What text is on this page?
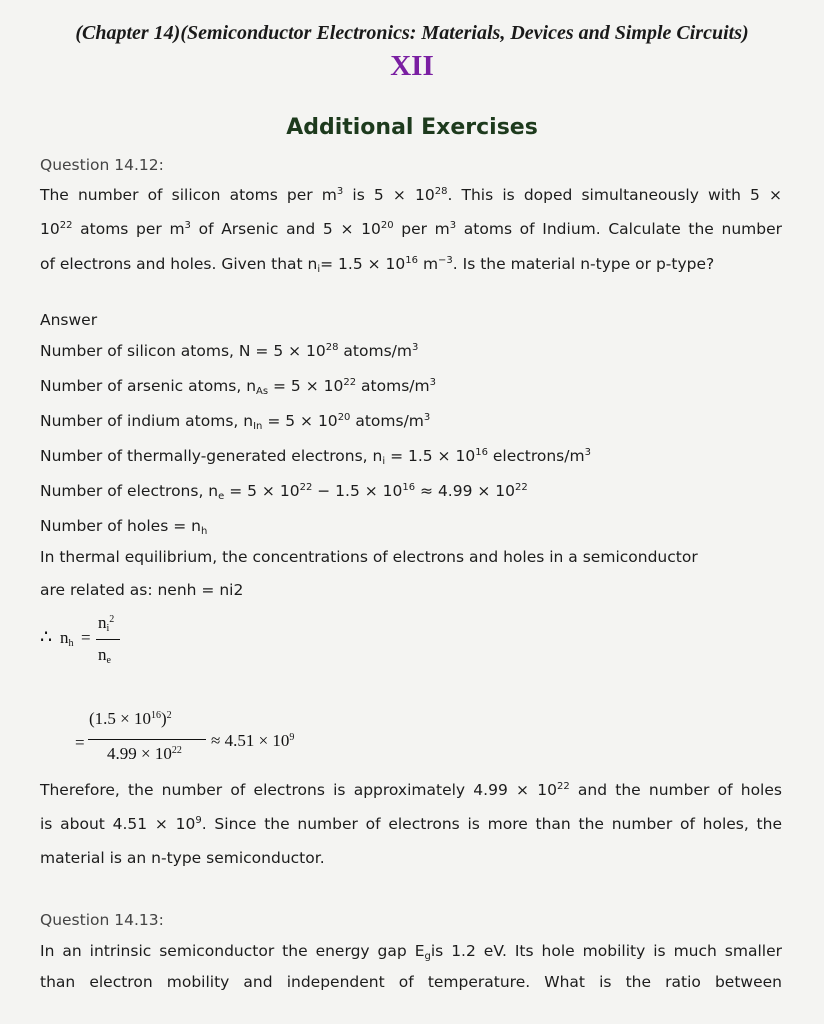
(Chapter 14)(Semiconductor Electronics: Materials, Devices and Simple Circuits)
XII
Additional Exercises
Question 14.12:
The number of silicon atoms per $m^3$ is $5 \times 10^{28}$. This is doped simultaneously with 5 ×
$10^{22}$ atoms per $m^3$ of Arsenic and $5 \times 10^{20}$ per $m^3$ atoms of Indium. Calculate the number
of electrons and holes. Given that $n_i= 1.5 \times 10^{16}$ $m^{-3}$. Is the material n-type or p-type?
Answer
Number of silicon atoms, $N = 5 \times 10^{28}$ atoms/$m^3$
Number of arsenic atoms, $n_{As} = 5 \times 10^{22}$ atoms/$m^3$
Number of indium atoms, $n_{In} = 5 \times 10^{20}$ atoms/$m^3$
Number of thermally-generated electrons, $n_i = 1.5 \times 10^{16}$ electrons/$m^3$
Number of electrons, $n_e = 5 \times 10^{22} - 1.5 \times 10^{16} \approx 4.99 \times 10^{22}$
Number of holes = $n_h$
In thermal equilibrium, the concentrations of electrons and holes in a semiconductor
are related as: nenh = ni2
∴ $n_h$ =
$n_i^2$
$n_e$
=
$(1.5 \times 10^{16})^2$
$4.99 \times 10^{22}$
≈ $4.51 \times 10^9$
Therefore, the number of electrons is approximately $4.99 \times 10^{22}$ and the number of holes
is about $4.51 \times 10^9$. Since the number of electrons is more than the number of holes, the
material is an n-type semiconductor.
Question 14.13:
In an intrinsic semiconductor the energy gap $E_gis$ 1.2 eV. Its hole mobility is much smaller
than electron mobility and independent of temperature. What is the ratio between
